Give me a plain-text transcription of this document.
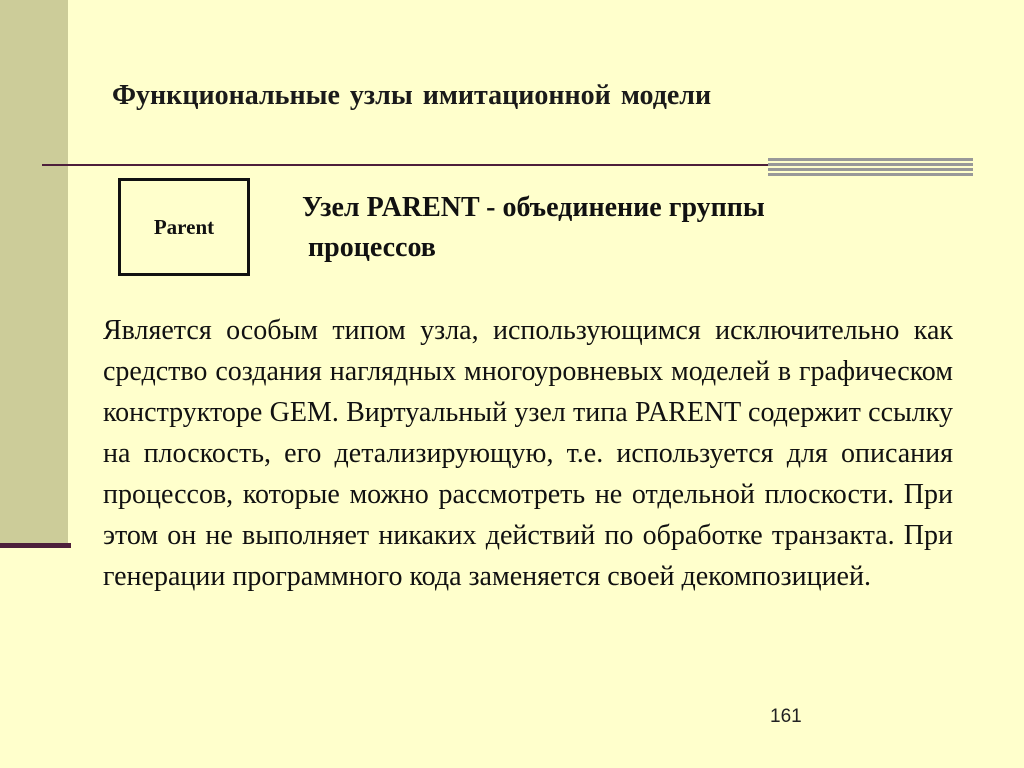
Функциональные узлы имитационной модели
Parent
Узел PARENT - объединение группы
процессов

Является особым типом узла, использующимся исключительно как средство создания наглядных многоуровневых моделей в графическом конструкторе GEM. Виртуальный узел типа PARENT содержит ссылку на плоскость, его детализирующую, т.е. используется для описания процессов, которые можно рассмотреть не отдельной плоскости. При этом он не выполняет никаких действий по обработке транзакта. При генерации программного кода заменяется своей декомпозицией.

161
